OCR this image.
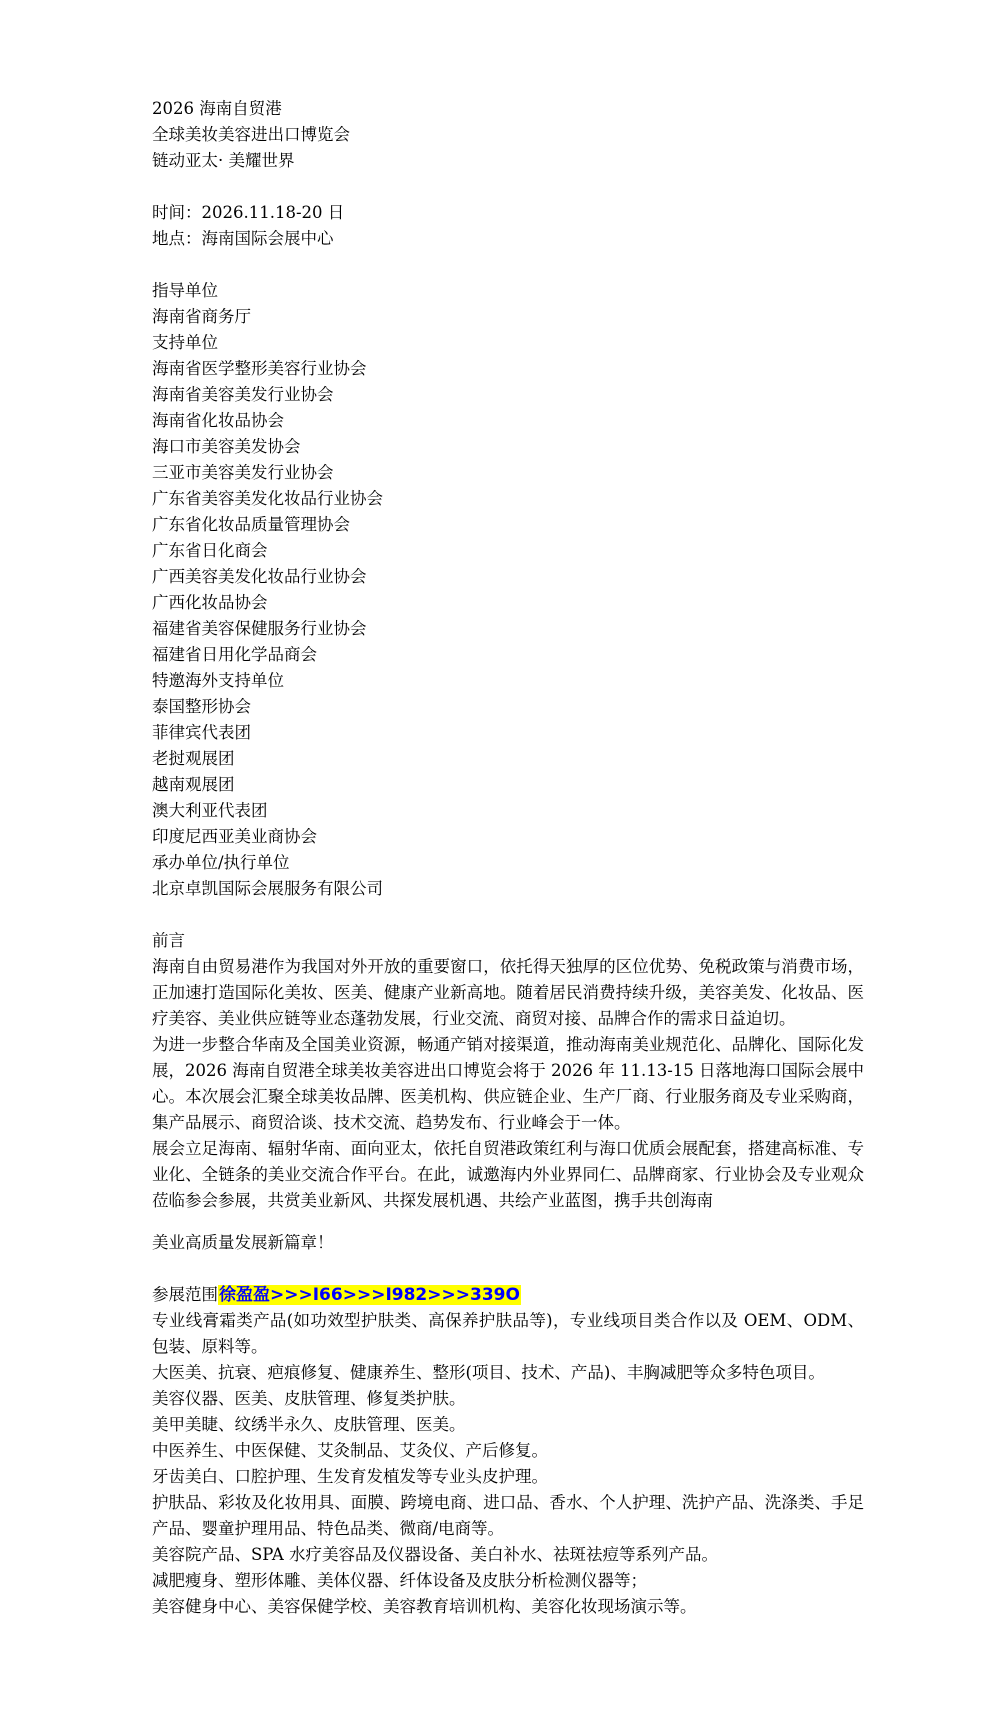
2026 海南自贸港
全球美妆美容进出口博览会
链动亚太· 美耀世界
时间：2026.11.18-20 日
地点：海南国际会展中心
指导单位
海南省商务厅
支持单位
海南省医学整形美容行业协会
海南省美容美发行业协会
海南省化妆品协会
海口市美容美发协会
三亚市美容美发行业协会
广东省美容美发化妆品行业协会
广东省化妆品质量管理协会
广东省日化商会
广西美容美发化妆品行业协会
广西化妆品协会
福建省美容保健服务行业协会
福建省日用化学品商会
特邀海外支持单位
泰国整形协会
菲律宾代表团
老挝观展团
越南观展团
澳大利亚代表团
印度尼西亚美业商协会
承办单位/执行单位
北京卓凯国际会展服务有限公司
前言
海南自由贸易港作为我国对外开放的重要窗口，依托得天独厚的区位优势、免税政策与消费市场，正加速打造国际化美妆、医美、健康产业新高地。随着居民消费持续升级，美容美发、化妆品、医疗美容、美业供应链等业态蓬勃发展，行业交流、商贸对接、品牌合作的需求日益迫切。
为进一步整合华南及全国美业资源，畅通产销对接渠道，推动海南美业规范化、品牌化、国际化发展，2026 海南自贸港全球美妆美容进出口博览会将于 2026 年 11.13-15 日落地海口国际会展中心。本次展会汇聚全球美妆品牌、医美机构、供应链企业、生产厂商、行业服务商及专业采购商，集产品展示、商贸洽谈、技术交流、趋势发布、行业峰会于一体。
展会立足海南、辐射华南、面向亚太，依托自贸港政策红利与海口优质会展配套，搭建高标准、专业化、全链条的美业交流合作平台。在此，诚邀海内外业界同仁、品牌商家、行业协会及专业观众莅临参会参展，共赏美业新风、共探发展机遇、共绘产业蓝图，携手共创海南
美业高质量发展新篇章！
参展范围徐盈盈>>>I66>>>I982>>>339O
专业线膏霜类产品(如功效型护肤类、高保养护肤品等)，专业线项目类合作以及 OEM、ODM、包装、原料等。
大医美、抗衰、疤痕修复、健康养生、整形(项目、技术、产品)、丰胸减肥等众多特色项目。
美容仪器、医美、皮肤管理、修复类护肤。
美甲美睫、纹绣半永久、皮肤管理、医美。
中医养生、中医保健、艾灸制品、艾灸仪、产后修复。
牙齿美白、口腔护理、生发育发植发等专业头皮护理。
护肤品、彩妆及化妆用具、面膜、跨境电商、进口品、香水、个人护理、洗护产品、洗涤类、手足产品、婴童护理用品、特色品类、微商/电商等。
美容院产品、SPA 水疗美容品及仪器设备、美白补水、祛斑祛痘等系列产品。
减肥瘦身、塑形体雕、美体仪器、纤体设备及皮肤分析检测仪器等；
美容健身中心、美容保健学校、美容教育培训机构、美容化妆现场演示等。
